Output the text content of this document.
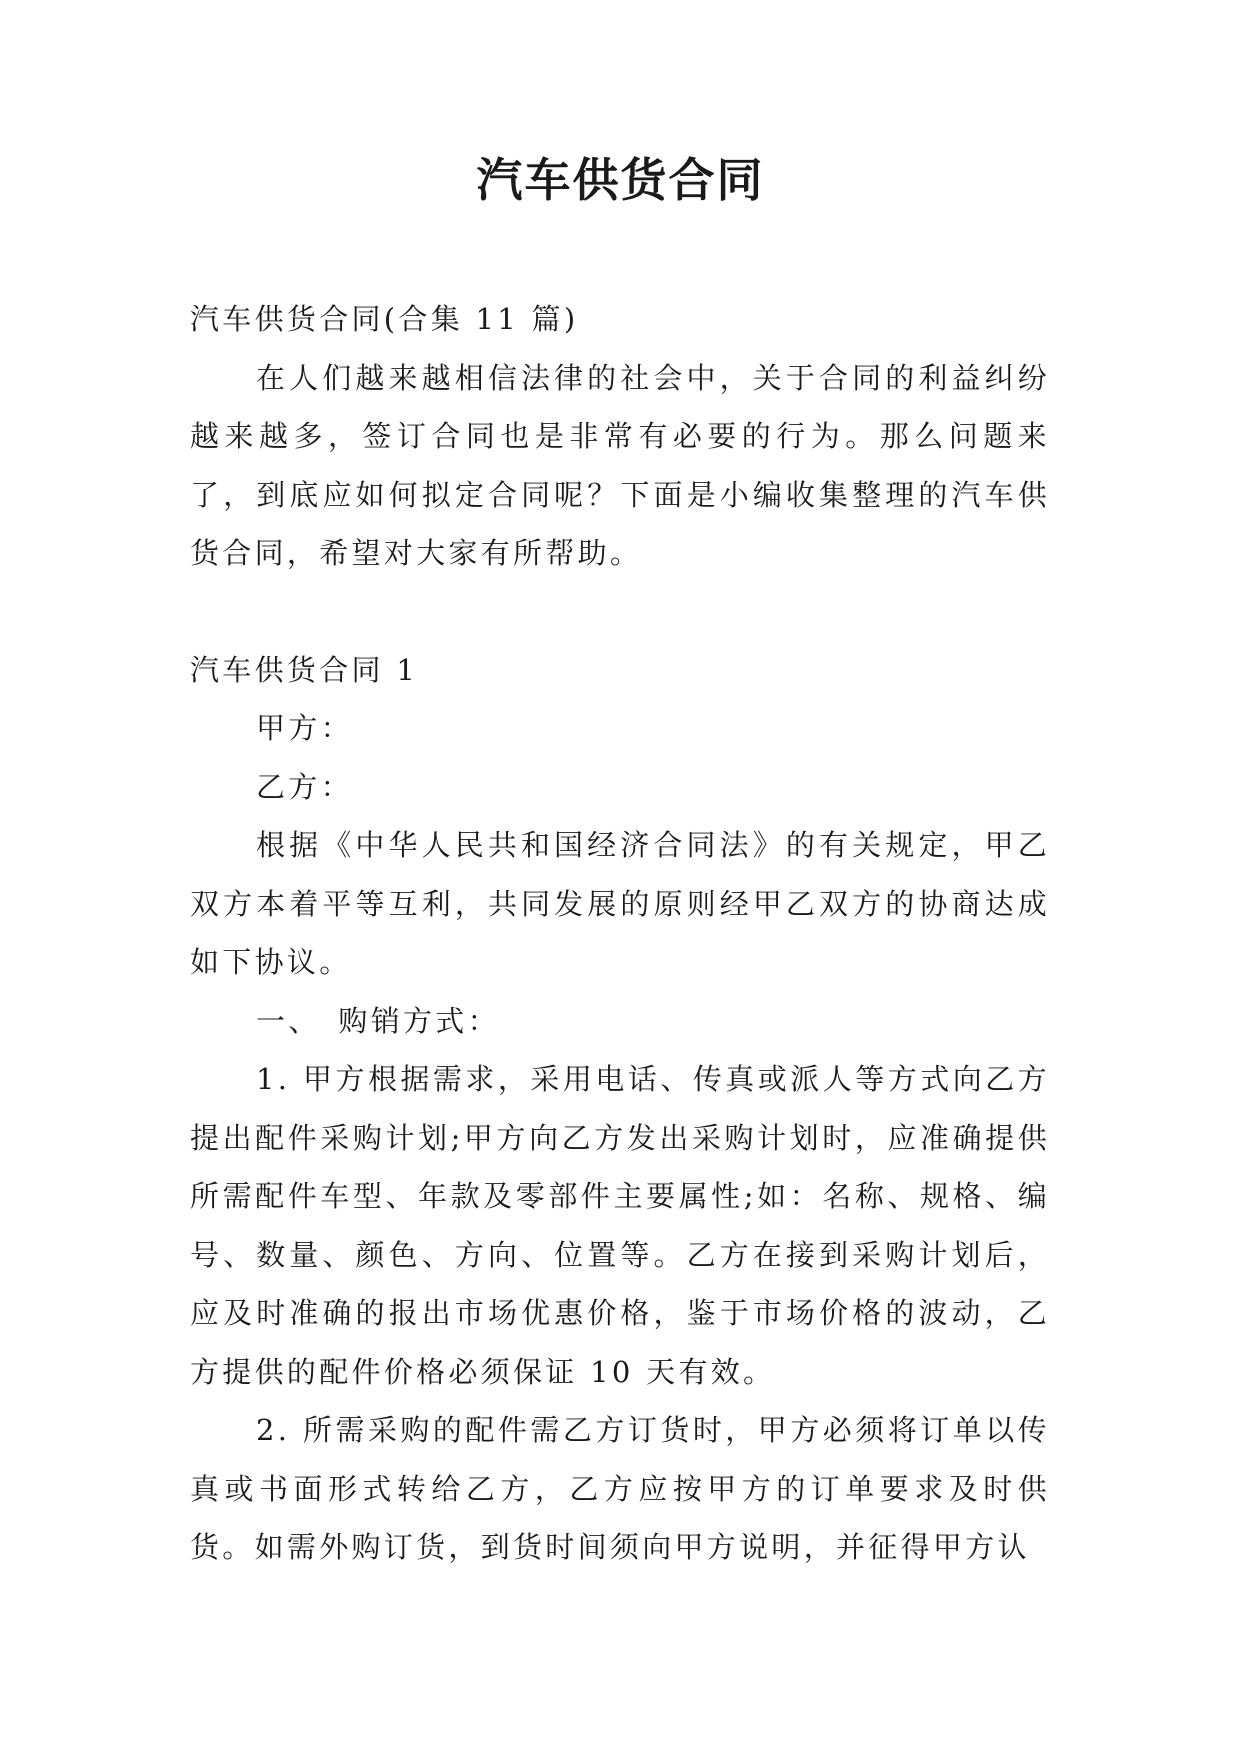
汽车供货合同

汽车供货合同(合集 11 篇)

在人们越来越相信法律的社会中，关于合同的利益纠纷越来越多，签订合同也是非常有必要的行为。那么问题来了，到底应如何拟定合同呢？下面是小编收集整理的汽车供货合同，希望对大家有所帮助。

汽车供货合同 1

甲方：

乙方：

根据《中华人民共和国经济合同法》的有关规定，甲乙双方本着平等互利，共同发展的原则经甲乙双方的协商达成如下协议。

一、　购销方式：

1. 甲方根据需求，采用电话、传真或派人等方式向乙方提出配件采购计划;甲方向乙方发出采购计划时，应准确提供所需配件车型、年款及零部件主要属性;如：名称、规格、编号、数量、颜色、方向、位置等。乙方在接到采购计划后，应及时准确的报出市场优惠价格，鉴于市场价格的波动，乙方提供的配件价格必须保证 10 天有效。

2. 所需采购的配件需乙方订货时，甲方必须将订单以传真或书面形式转给乙方，乙方应按甲方的订单要求及时供货。如需外购订货，到货时间须向甲方说明，并征得甲方认
